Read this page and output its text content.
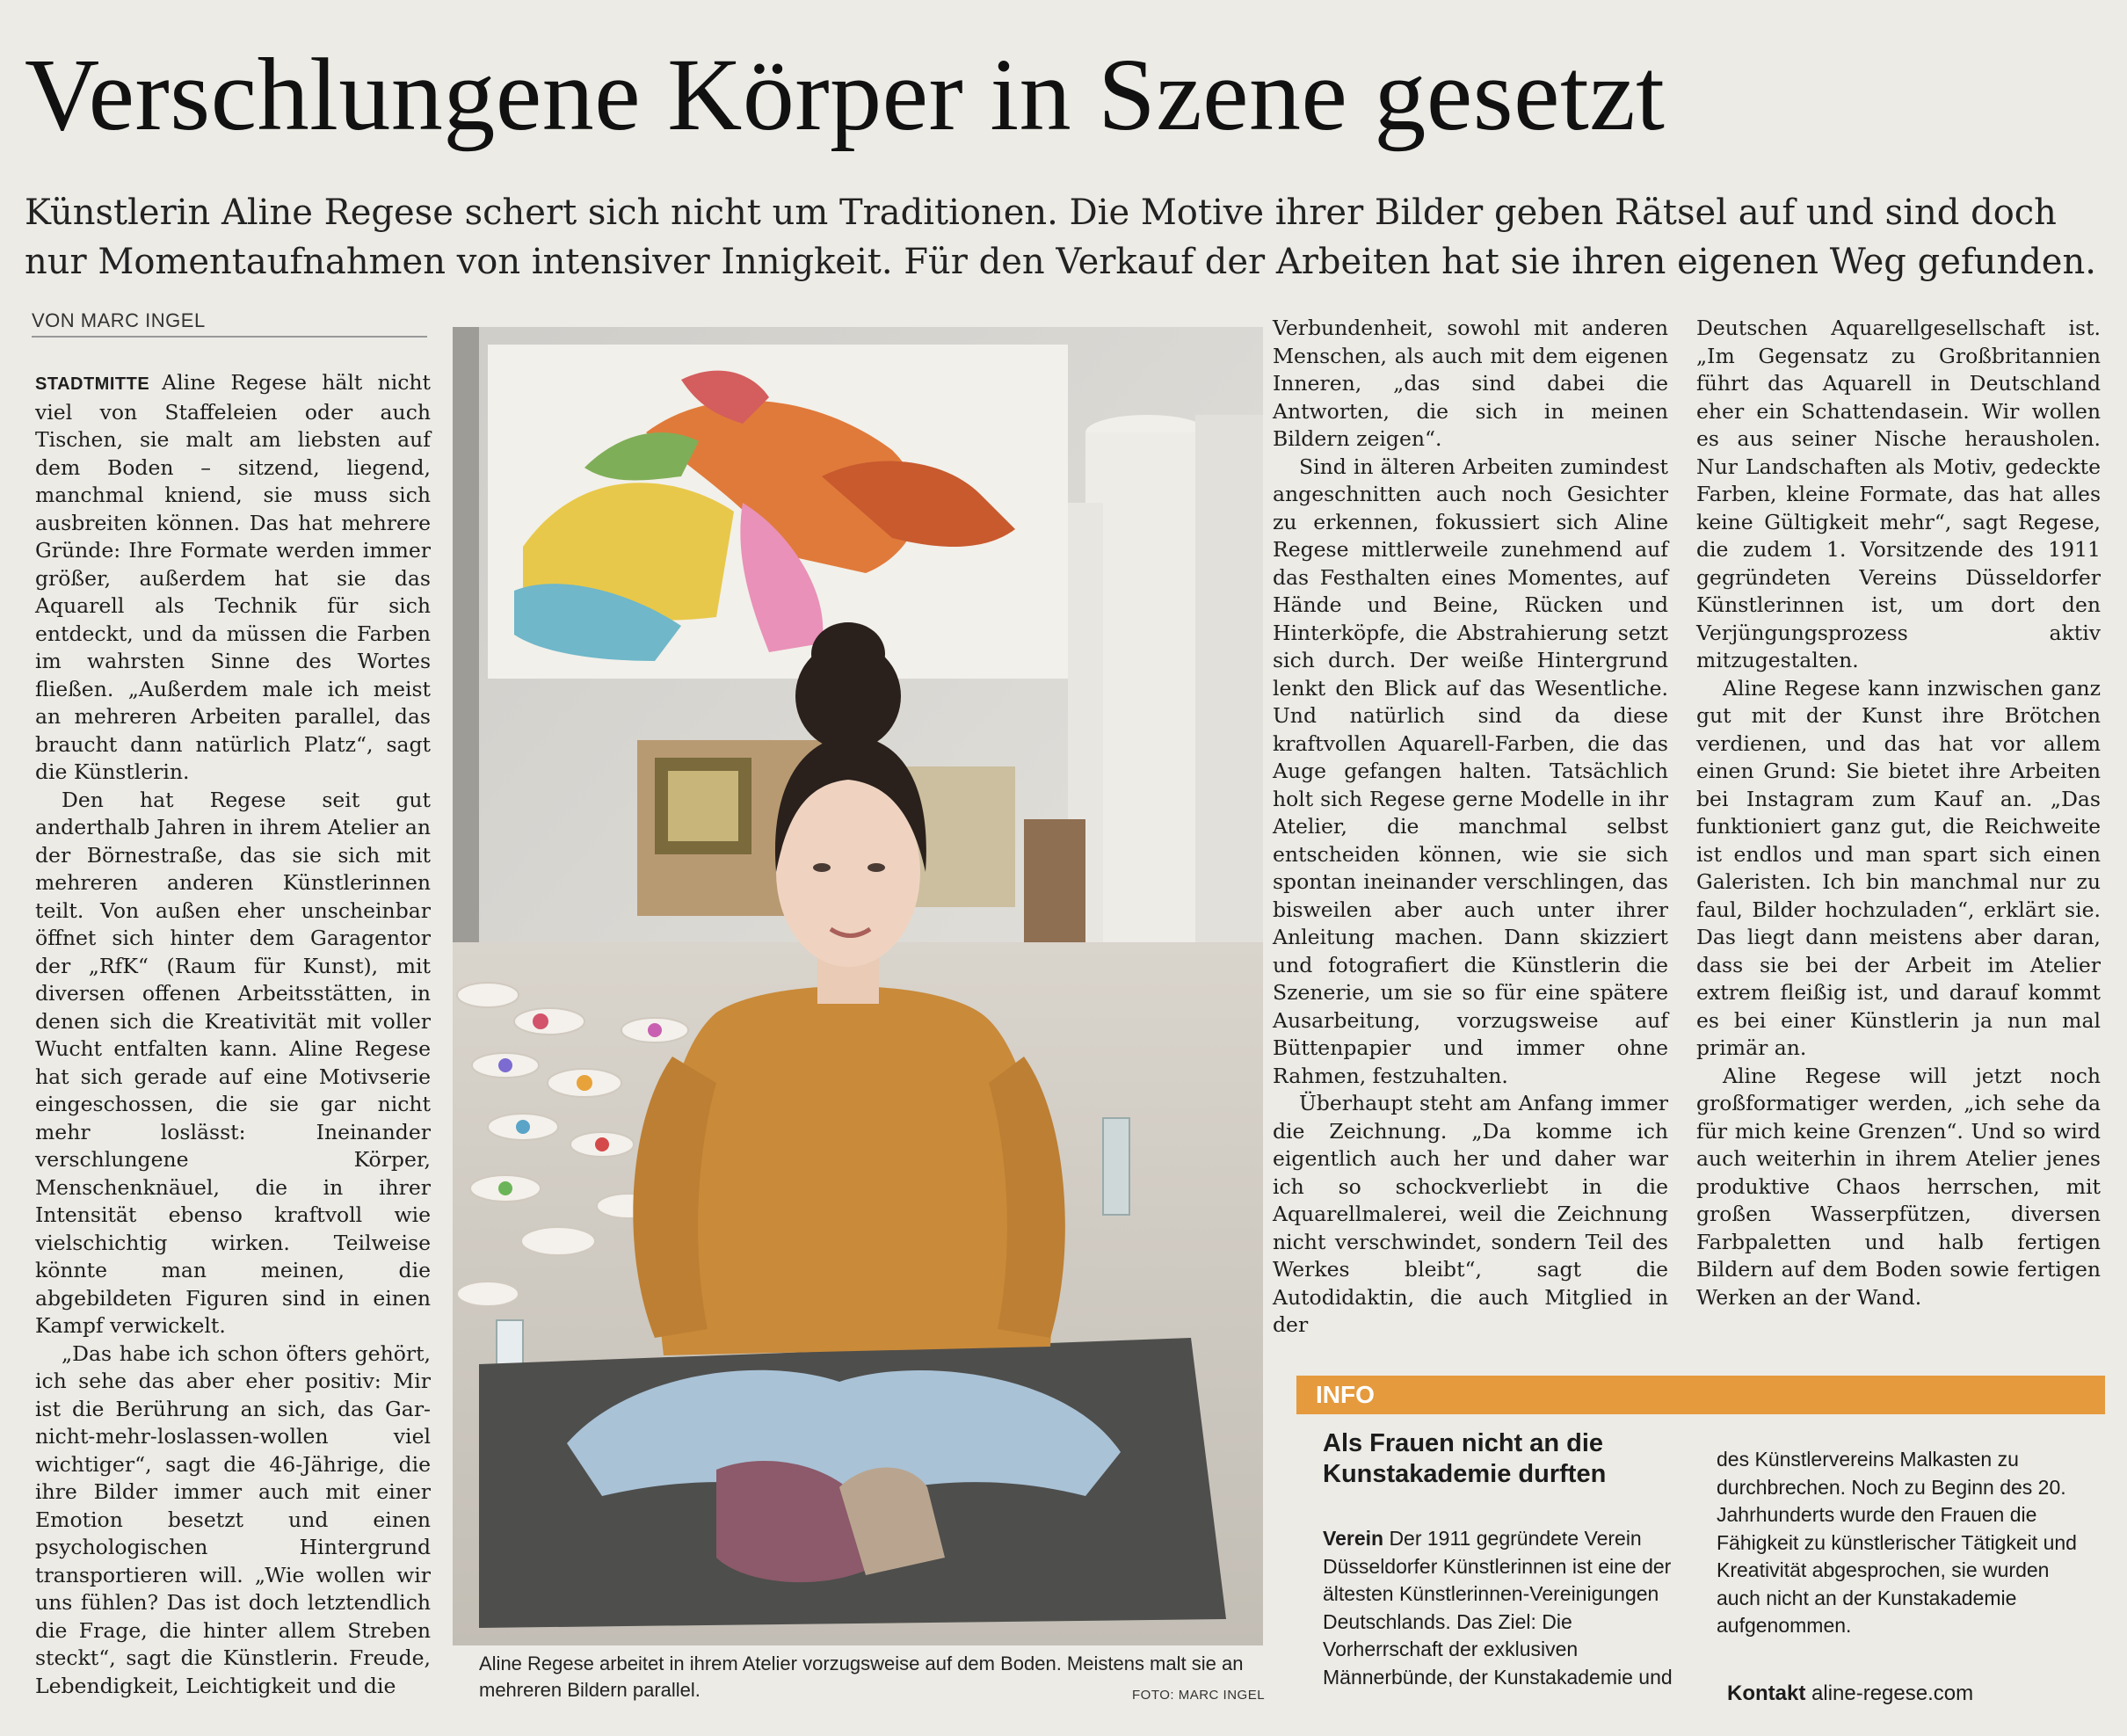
Verschlungene Körper in Szene gesetzt
Künstlerin Aline Regese schert sich nicht um Traditionen. Die Motive ihrer Bilder geben Rätsel auf und sind doch nur Momentaufnahmen von intensiver Innigkeit. Für den Verkauf der Arbeiten hat sie ihren eigenen Weg gefunden.
VON MARC INGEL

STADTMITTE Aline Regese hält nicht viel von Staffeleien oder auch Tischen, sie malt am liebsten auf dem Boden – sitzend, liegend, manchmal kniend, sie muss sich ausbreiten können. Das hat mehrere Gründe: Ihre Formate werden immer größer, außerdem hat sie das Aquarell als Technik für sich entdeckt, und da müssen die Farben im wahrsten Sinne des Wortes fließen. „Außerdem male ich meist an mehreren Arbeiten parallel, das braucht dann natürlich Platz“, sagt die Künstlerin.

Den hat Regese seit gut anderthalb Jahren in ihrem Atelier an der Börnestraße, das sie sich mit mehreren anderen Künstlerinnen teilt. Von außen eher unscheinbar öffnet sich hinter dem Garagentor der „RfK“ (Raum für Kunst), mit diversen offenen Arbeitsstätten, in denen sich die Kreativität mit voller Wucht entfalten kann. Aline Regese hat sich gerade auf eine Motivserie eingeschossen, die sie gar nicht mehr loslässt: Ineinander verschlungene Körper, Menschenknäuel, die in ihrer Intensität ebenso kraftvoll wie vielschichtig wirken. Teilweise könnte man meinen, die abgebildeten Figuren sind in einen Kampf verwickelt.

„Das habe ich schon öfters gehört, ich sehe das aber eher positiv: Mir ist die Berührung an sich, das Gar-nicht-mehr-loslassen-wollen viel wichtiger“, sagt die 46-Jährige, die ihre Bilder immer auch mit einer Emotion besetzt und einen psychologischen Hintergrund transportieren will. „Wie wollen wir uns fühlen? Das ist doch letztendlich die Frage, die hinter allem Streben steckt“, sagt die Künstlerin. Freude, Lebendigkeit, Leichtigkeit und die

Aline Regese arbeitet in ihrem Atelier vorzugsweise auf dem Boden. Meistens malt sie an mehreren Bildern parallel.	FOTO: MARC INGEL

Verbundenheit, sowohl mit anderen Menschen, als auch mit dem eigenen Inneren, „das sind dabei die Antworten, die sich in meinen Bildern zeigen“.

Sind in älteren Arbeiten zumindest angeschnitten auch noch Gesichter zu erkennen, fokussiert sich Aline Regese mittlerweile zunehmend auf das Festhalten eines Momentes, auf Hände und Beine, Rücken und Hinterköpfe, die Abstrahierung setzt sich durch. Der weiße Hintergrund lenkt den Blick auf das Wesentliche. Und natürlich sind da diese kraftvollen Aquarell-Farben, die das Auge gefangen halten. Tatsächlich holt sich Regese gerne Modelle in ihr Atelier, die manchmal selbst entscheiden können, wie sie sich spontan ineinander verschlingen, das bisweilen aber auch unter ihrer Anleitung machen. Dann skizziert und fotografiert die Künstlerin die Szenerie, um sie so für eine spätere Ausarbeitung, vorzugsweise auf Büttenpapier und immer ohne Rahmen, festzuhalten.

Überhaupt steht am Anfang immer die Zeichnung. „Da komme ich eigentlich auch her und daher war ich so schockverliebt in die Aquarellmalerei, weil die Zeichnung nicht verschwindet, sondern Teil des Werkes bleibt“, sagt die Autodidaktin, die auch Mitglied in der

Deutschen Aquarellgesellschaft ist. „Im Gegensatz zu Großbritannien führt das Aquarell in Deutschland eher ein Schattendasein. Wir wollen es aus seiner Nische herausholen. Nur Landschaften als Motiv, gedeckte Farben, kleine Formate, das hat alles keine Gültigkeit mehr“, sagt Regese, die zudem 1. Vorsitzende des 1911 gegründeten Vereins Düsseldorfer Künstlerinnen ist, um dort den Verjüngungsprozess aktiv mitzugestalten.

Aline Regese kann inzwischen ganz gut mit der Kunst ihre Brötchen verdienen, und das hat vor allem einen Grund: Sie bietet ihre Arbeiten bei Instagram zum Kauf an. „Das funktioniert ganz gut, die Reichweite ist endlos und man spart sich einen Galeristen. Ich bin manchmal nur zu faul, Bilder hochzuladen“, erklärt sie. Das liegt dann meistens aber daran, dass sie bei der Arbeit im Atelier extrem fleißig ist, und darauf kommt es bei einer Künstlerin ja nun mal primär an.

Aline Regese will jetzt noch großformatiger werden, „ich sehe da für mich keine Grenzen“. Und so wird auch weiterhin in ihrem Atelier jenes produktive Chaos herrschen, mit großen Wasserpfützen, diversen Farbpaletten und halb fertigen Bildern auf dem Boden sowie fertigen Werken an der Wand.

INFO
Als Frauen nicht an die Kunstakademie durften
Verein Der 1911 gegründete Verein Düsseldorfer Künstlerinnen ist eine der ältesten Künstlerinnen-Vereinigungen Deutschlands. Das Ziel: Die Vorherrschaft der exklusiven Männerbünde, der Kunstakademie und
des Künstlervereins Malkasten zu durchbrechen. Noch zu Beginn des 20. Jahrhunderts wurde den Frauen die Fähigkeit zu künstlerischer Tätigkeit und Kreativität abgesprochen, sie wurden auch nicht an der Kunstakademie aufgenommen.
Kontakt aline-regese.com
